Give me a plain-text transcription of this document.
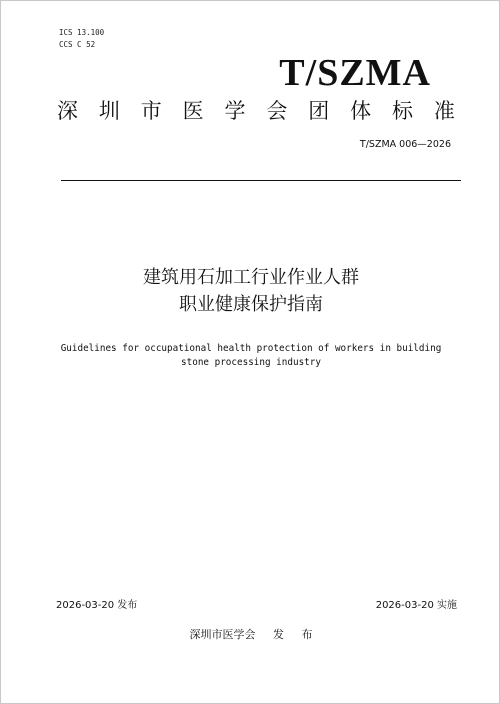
ICS 13.100
CCS C 52
T/SZMA
深 圳 市 医 学 会 团 体 标 准
T/SZMA 006—2026
建筑用石加工行业作业人群
职业健康保护指南
Guidelines for occupational health protection of workers in building
stone processing industry
2026-03-20 发布	2026-03-20 实施
深圳市医学会 发 布
